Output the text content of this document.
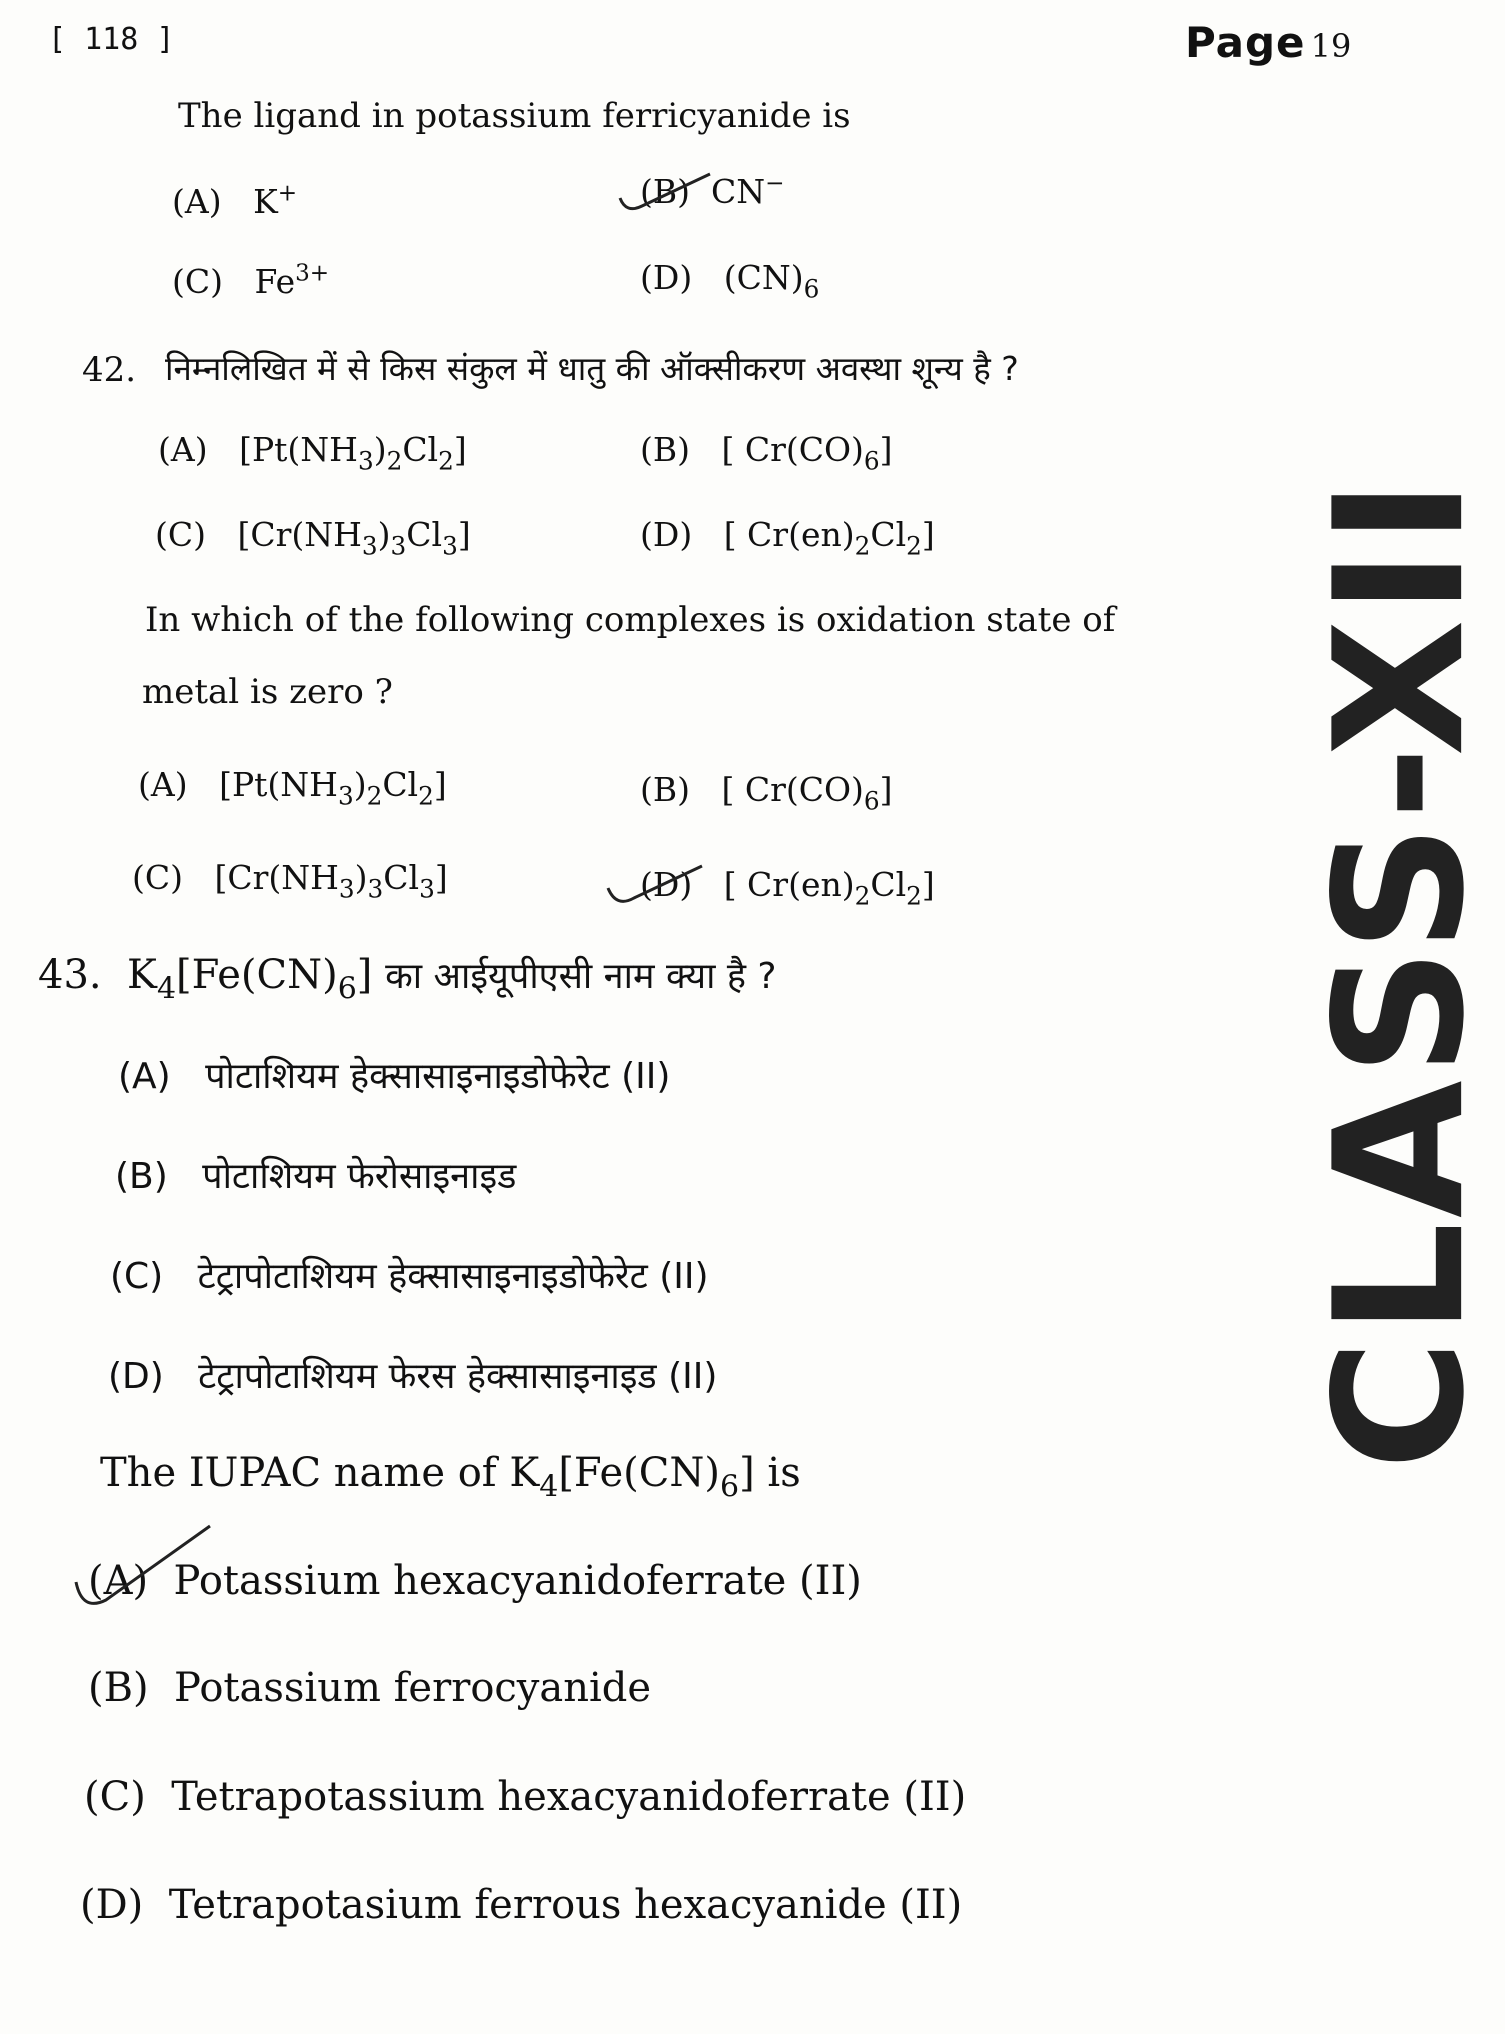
[ 118 ]	Page 19
CLASS-XII
The ligand in potassium ferricyanide is
(A) K+	(B) CN−
(C) $Fe^{3+}$	(D) $(CN)_6$
42. निम्नलिखित में से किस संकुल में धातु की ऑक्सीकरण अवस्था शून्य है ?
(A)   $[Pt(NH_3)_2Cl_2]$	(B)   [ $Cr(CO)_6$]
(C)   $[Cr(NH_3)_3Cl_3]$	(D)   [ $Cr(en)_2Cl_2$]
In which of the following complexes is oxidation state of
metal is zero ?
(A)   $[Pt(NH_3)_2Cl_2]$	(B)   [ $Cr(CO)_6$]
(C)   $[Cr(NH_3)_3Cl_3]$	(D)   [ $Cr(en)_2Cl_2$]
43.  $K_4[Fe(CN)_6]$ का आईयूपीएसी नाम क्या है ?
(A) पोटाशियम हेक्सासाइनाइडोफेरेट (II)
(B) पोटाशियम फेरोसाइनाइड
(C) टेट्रापोटाशियम हेक्सासाइनाइडोफेरेट (II)
(D) टेट्रापोटाशियम फेरस हेक्सासाइनाइड (II)
The IUPAC name of $K_4[Fe(CN)_6]$ is
(A) Potassium hexacyanidoferrate (II)
(B) Potassium ferrocyanide
(C) Tetrapotassium hexacyanidoferrate (II)
(D) Tetrapotasium ferrous hexacyanide (II)
